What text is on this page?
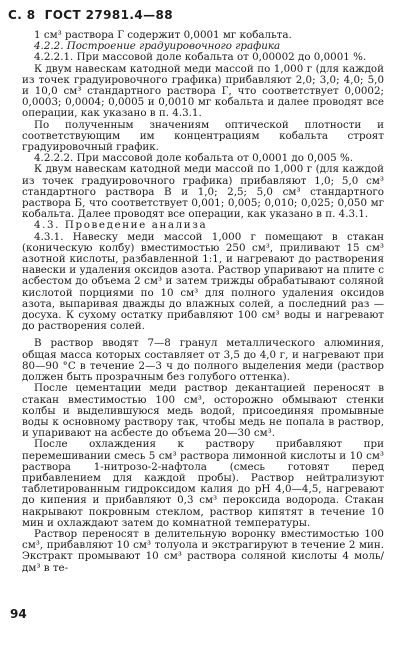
С. 8 ГОСТ 27981.4—88

1 см³ раствора Г содержит 0,0001 мг кобальта.

4.2.2. Построение градуировочного графика

4.2.2.1. При массовой доле кобальта от 0,00002 до 0,0001 %.

К двум навескам катодной меди массой по 1,000 г (для каждой из точек градуировочного графика) прибавляют 2,0; 3,0; 4,0; 5,0 и 10,0 см³ стандартного раствора Г, что соответствует 0,0002; 0,0003; 0,0004; 0,0005 и 0,0010 мг кобальта и далее проводят все операции, как указано в п. 4.3.1.

По полученным значениям оптической плотности и соответствующим им концентрациям кобальта строят градуировочный график.

4.2.2.2. При массовой доле кобальта от 0,0001 до 0,005 %.

К двум навескам катодной меди массой по 1,000 г (для каждой из точек градуировочного графика) прибавляют 1,0; 5,0 см³ стандартного раствора В и 1,0; 2,5; 5,0 см³ стандартного раствора Б, что соответствует 0,001; 0,005; 0,010; 0,025; 0,050 мг кобальта. Далее проводят все операции, как указано в п. 4.3.1.

4.3. Проведение анализа

4.3.1. Навеску меди массой 1,000 г помещают в стакан (коническую колбу) вместимостью 250 см³, приливают 15 см³ азотной кислоты, разбавленной 1:1, и нагревают до растворения навески и удаления оксидов азота. Раствор упаривают на плите с асбестом до объема 2 см³ и затем трижды обрабатывают соляной кислотой порциями по 10 см³ для полного удаления оксидов азота, выпаривая дважды до влажных солей, а последний раз — досуха. К сухому остатку прибавляют 100 см³ воды и нагревают до растворения солей.

В раствор вводят 7—8 гранул металлического алюминия, общая масса которых составляет от 3,5 до 4,0 г, и нагревают при 80—90 °С в течение 2—3 ч до полного выделения меди (раствор должен быть прозрачным без голубого оттенка).

После цементации меди раствор декантацией переносят в стакан вместимостью 100 см³, осторожно обмывают стенки колбы и выделившуюся медь водой, присоединяя промывные воды к основному раствору так, чтобы медь не попала в раствор, и упаривают на асбесте до объема 20—30 см³.

После охлаждения к раствору прибавляют при перемешивании смесь 5 см³ раствора лимонной кислоты и 10 см³ раствора 1-нитрозо-2-нафтола (смесь готовят перед прибавлением для каждой пробы). Раствор нейтрализуют таблетированным гидроксидом калия до рН 4,0—4,5, нагревают до кипения и прибавляют 0,3 см³ пероксида водорода. Стакан накрывают покровным стеклом, раствор кипятят в течение 10 мин и охлаждают затем до комнатной температуры.

Раствор переносят в делительную воронку вместимостью 100 см³, прибавляют 10 см³ толуола и экстрагируют в течение 2 мин. Экстракт промывают 10 см³ раствора соляной кислоты 4 моль/дм³ в те-

94
